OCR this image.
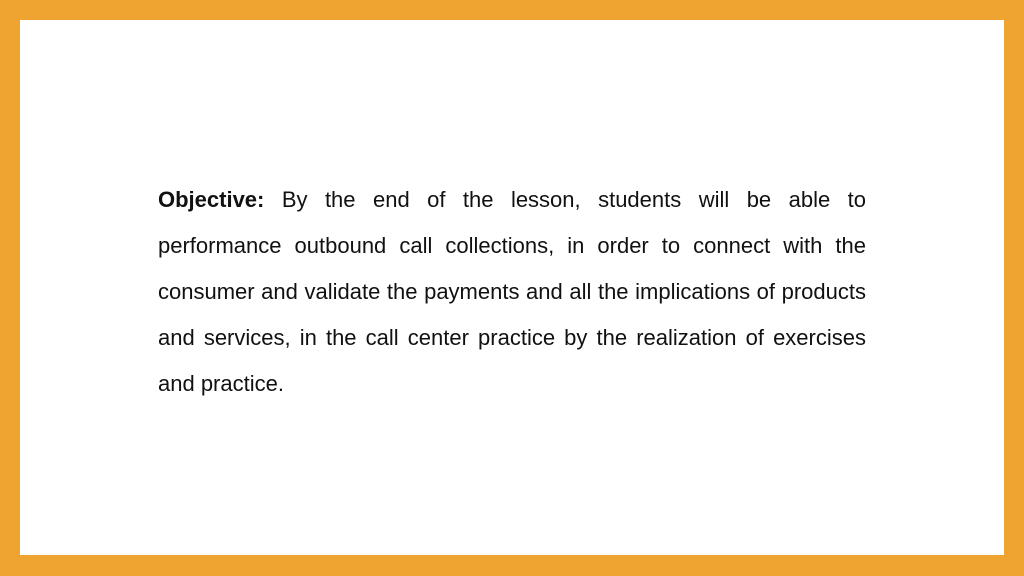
Objective: By the end of the lesson, students will be able to performance outbound call collections, in order to connect with the consumer and validate the payments and all the implications of products and services, in the call center practice by the realization of exercises and practice.
